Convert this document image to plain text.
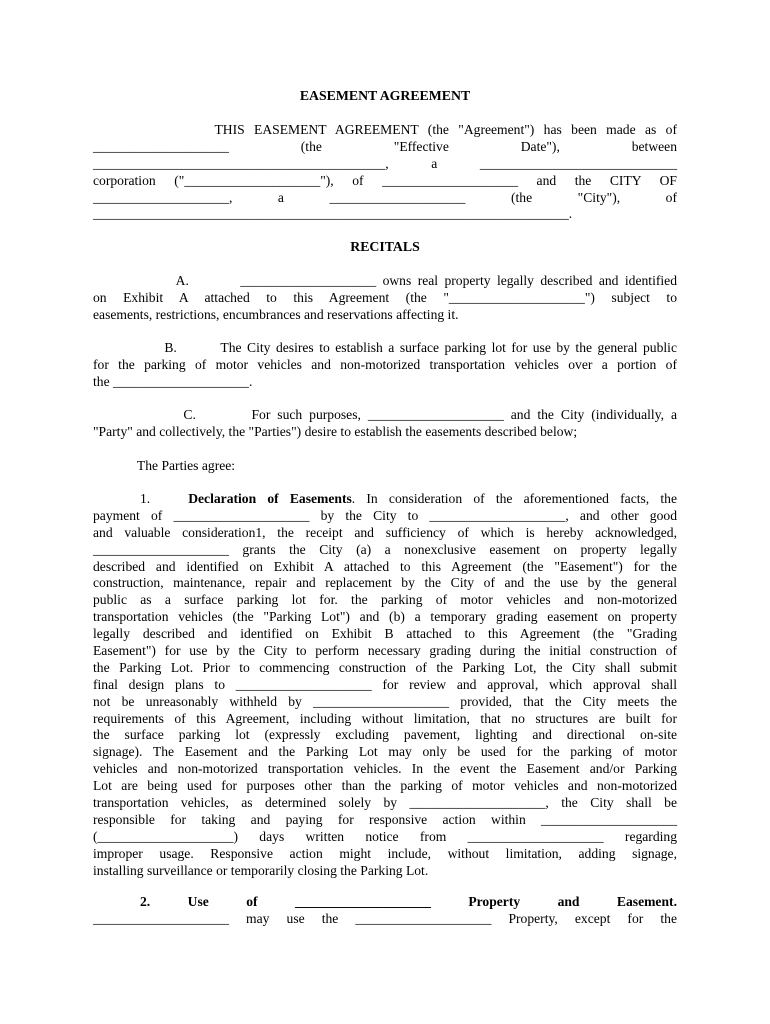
EASEMENT AGREEMENT
THIS EASEMENT AGREEMENT (the "Agreement") has been made as of
____________________ (the "Effective Date"), between
___________________________________________, a _____________________________
corporation ("____________________"), of ____________________ and the CITY OF
____________________, a ____________________ (the "City"), of
______________________________________________________________________.
RECITALS
A.        ____________________ owns real property legally described and identified
on Exhibit A attached to this Agreement (the "____________________") subject to
easements, restrictions, encumbrances and reservations affecting it.
B.        The City desires to establish a surface parking lot for use by the general public
for the parking of motor vehicles and non-motorized transportation vehicles over a portion of
the ____________________.
C.        For such purposes, ____________________ and the City (individually, a
"Party" and collectively, the "Parties") desire to establish the easements described below;
The Parties agree:
1.	Declaration of Easements. In consideration of the aforementioned facts, the
payment of ____________________ by the City to ____________________, and other good
and valuable consideration1, the receipt and sufficiency of which is hereby acknowledged,
____________________ grants the City (a) a nonexclusive easement on property legally
described and identified on Exhibit A attached to this Agreement (the "Easement") for the
construction, maintenance, repair and replacement by the City of and the use by the general
public as a surface parking lot for. the parking of motor vehicles and non-motorized
transportation vehicles (the "Parking Lot") and (b) a temporary grading easement on property
legally described and identified on Exhibit B attached to this Agreement (the "Grading
Easement") for use by the City to perform necessary grading during the initial construction of
the Parking Lot. Prior to commencing construction of the Parking Lot, the City shall submit
final design plans to ____________________ for review and approval, which approval shall
not be unreasonably withheld by ____________________ provided, that the City meets the
requirements of this Agreement, including without limitation, that no structures are built for
the surface parking lot (expressly excluding pavement, lighting and directional on-site
signage). The Easement and the Parking Lot may only be used for the parking of motor
vehicles and non-motorized transportation vehicles. In the event the Easement and/or Parking
Lot are being used for purposes other than the parking of motor vehicles and non-motorized
transportation vehicles, as determined solely by ____________________, the City shall be
responsible for taking and paying for responsive action within ____________________
(____________________) days written notice from ____________________ regarding
improper usage. Responsive action might include, without limitation, adding signage,
installing surveillance or temporarily closing the Parking Lot.
2.	Use	of	____________________	Property	and	Easement.
____________________ may use the ____________________ Property, except for the
